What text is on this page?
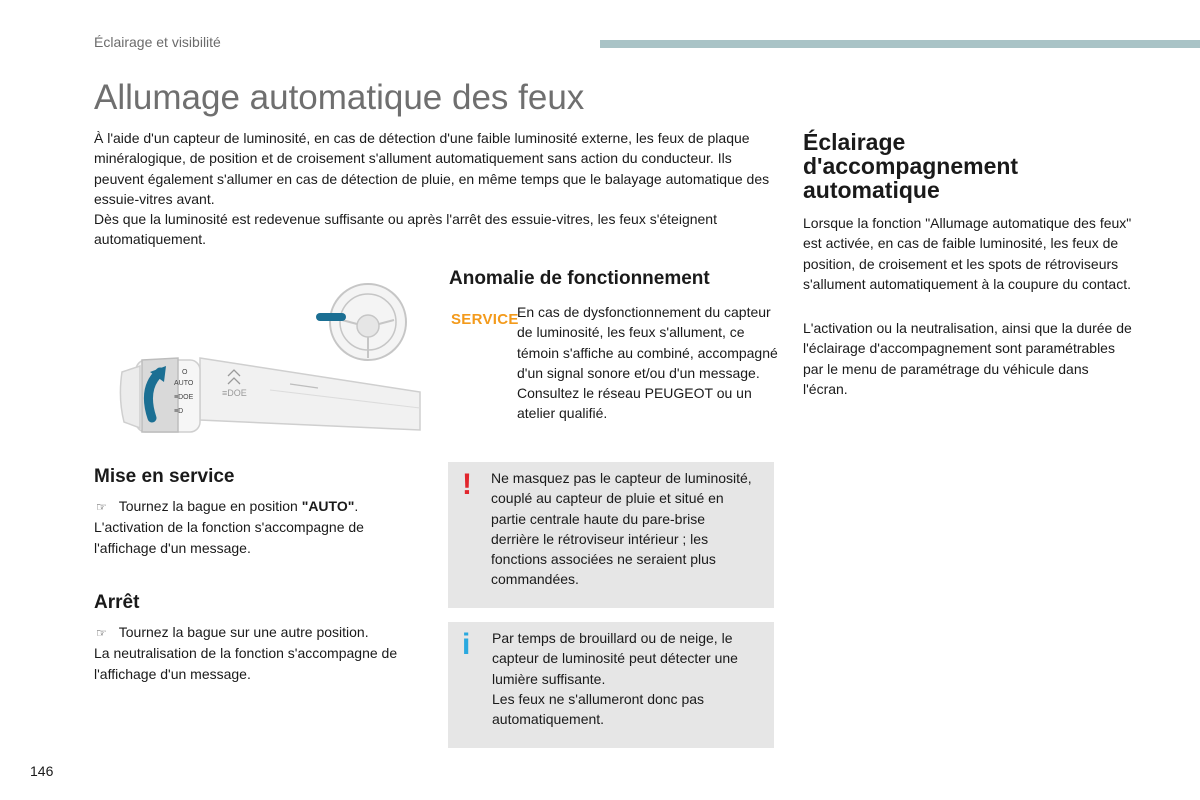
Éclairage et visibilité
Allumage automatique des feux

À l'aide d'un capteur de luminosité, en cas de détection d'une faible luminosité externe, les feux de plaque minéralogique, de position et de croisement s'allument automatiquement sans action du conducteur. Ils peuvent également s'allumer en cas de détection de pluie, en même temps que le balayage automatique des essuie-vitres avant.

Dès que la luminosité est redevenue suffisante ou après l'arrêt des essuie-vitres, les feux s'éteignent automatiquement.

≡DOE
O
AUTO
≡DOE
≡D
Mise en service

☞ Tournez la bague en position "AUTO".

L'activation de la fonction s'accompagne de l'affichage d'un message.

Arrêt

☞ Tournez la bague sur une autre position.

La neutralisation de la fonction s'accompagne de l'affichage d'un message.

Anomalie de fonctionnement
SERVICE
En cas de dysfonctionnement du capteur de luminosité, les feux s'allument, ce témoin s'affiche au combiné, accompagné d'un signal sonore et/ou d'un message. Consultez le réseau PEUGEOT ou un atelier qualifié.
! Ne masquez pas le capteur de luminosité, couplé au capteur de pluie et situé en partie centrale haute du pare-brise derrière le rétroviseur intérieur ; les fonctions associées ne seraient plus commandées.
i Par temps de brouillard ou de neige, le capteur de luminosité peut détecter une lumière suffisante.

Les feux ne s'allumeront donc pas automatiquement.

Éclairage d'accompagnement automatique

Lorsque la fonction "Allumage automatique des feux" est activée, en cas de faible luminosité, les feux de position, de croisement et les spots de rétroviseurs s'allument automatiquement à la coupure du contact.

L'activation ou la neutralisation, ainsi que la durée de l'éclairage d'accompagnement sont paramétrables par le menu de paramétrage du véhicule dans l'écran.

146
